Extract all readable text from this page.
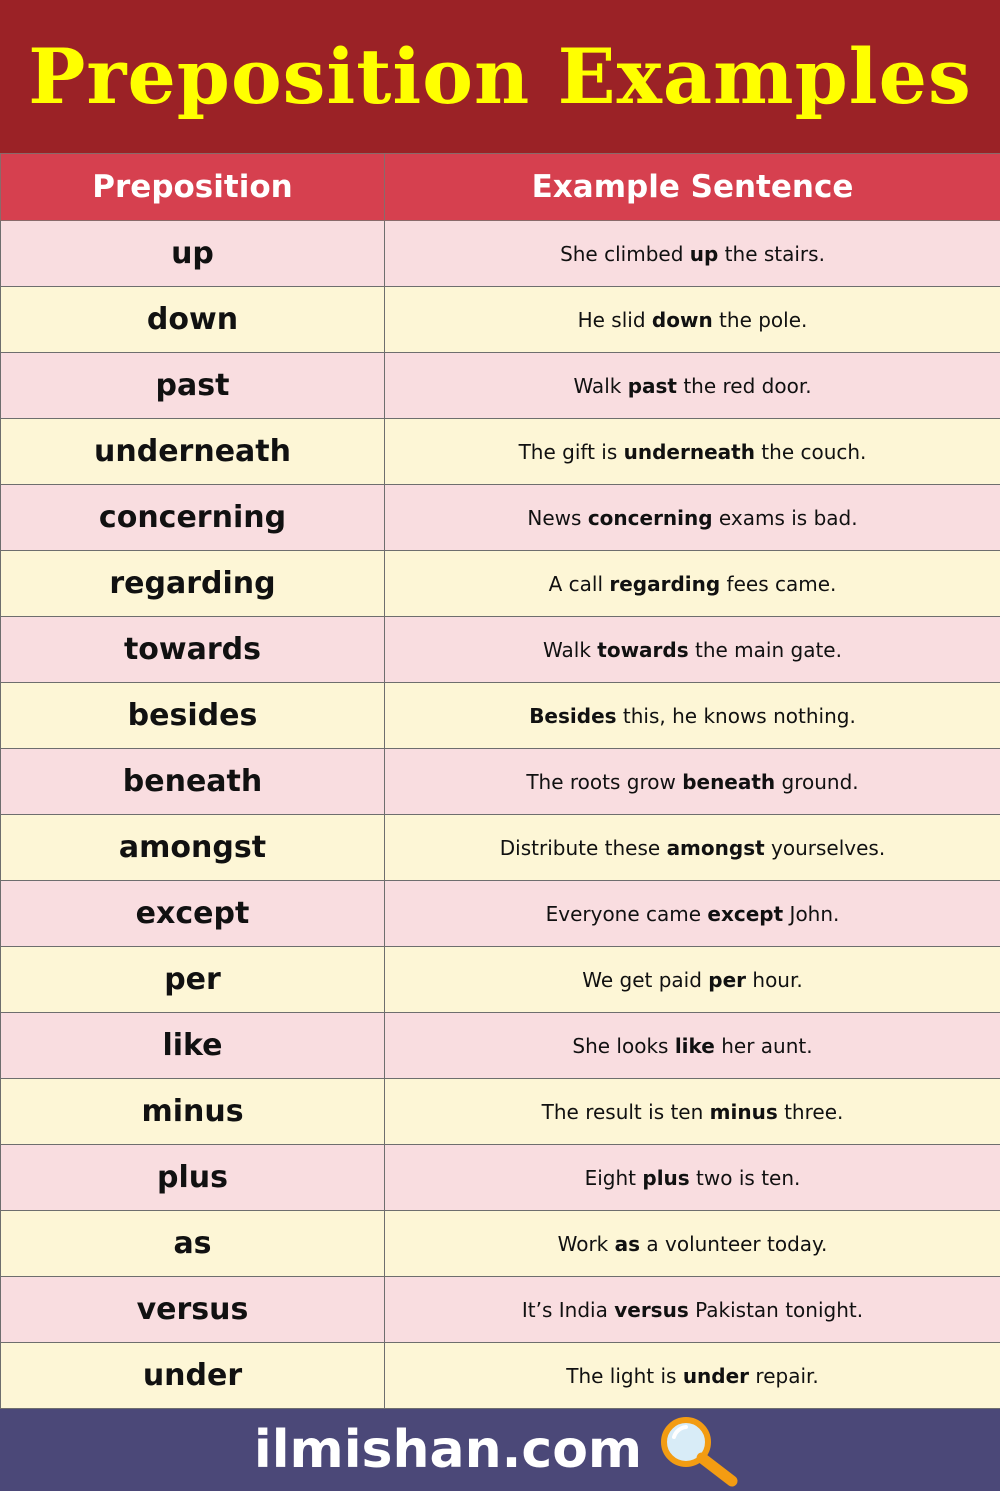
Preposition Examples
Preposition	Example Sentence
up	She climbed up the stairs.
down	He slid down the pole.
past	Walk past the red door.
underneath	The gift is underneath the couch.
concerning	News concerning exams is bad.
regarding	A call regarding fees came.
towards	Walk towards the main gate.
besides	Besides this, he knows nothing.
beneath	The roots grow beneath ground.
amongst	Distribute these amongst yourselves.
except	Everyone came except John.
per	We get paid per hour.
like	She looks like her aunt.
minus	The result is ten minus three.
plus	Eight plus two is ten.
as	Work as a volunteer today.
versus	It’s India versus Pakistan tonight.
under	The light is under repair.
ilmishan.com
